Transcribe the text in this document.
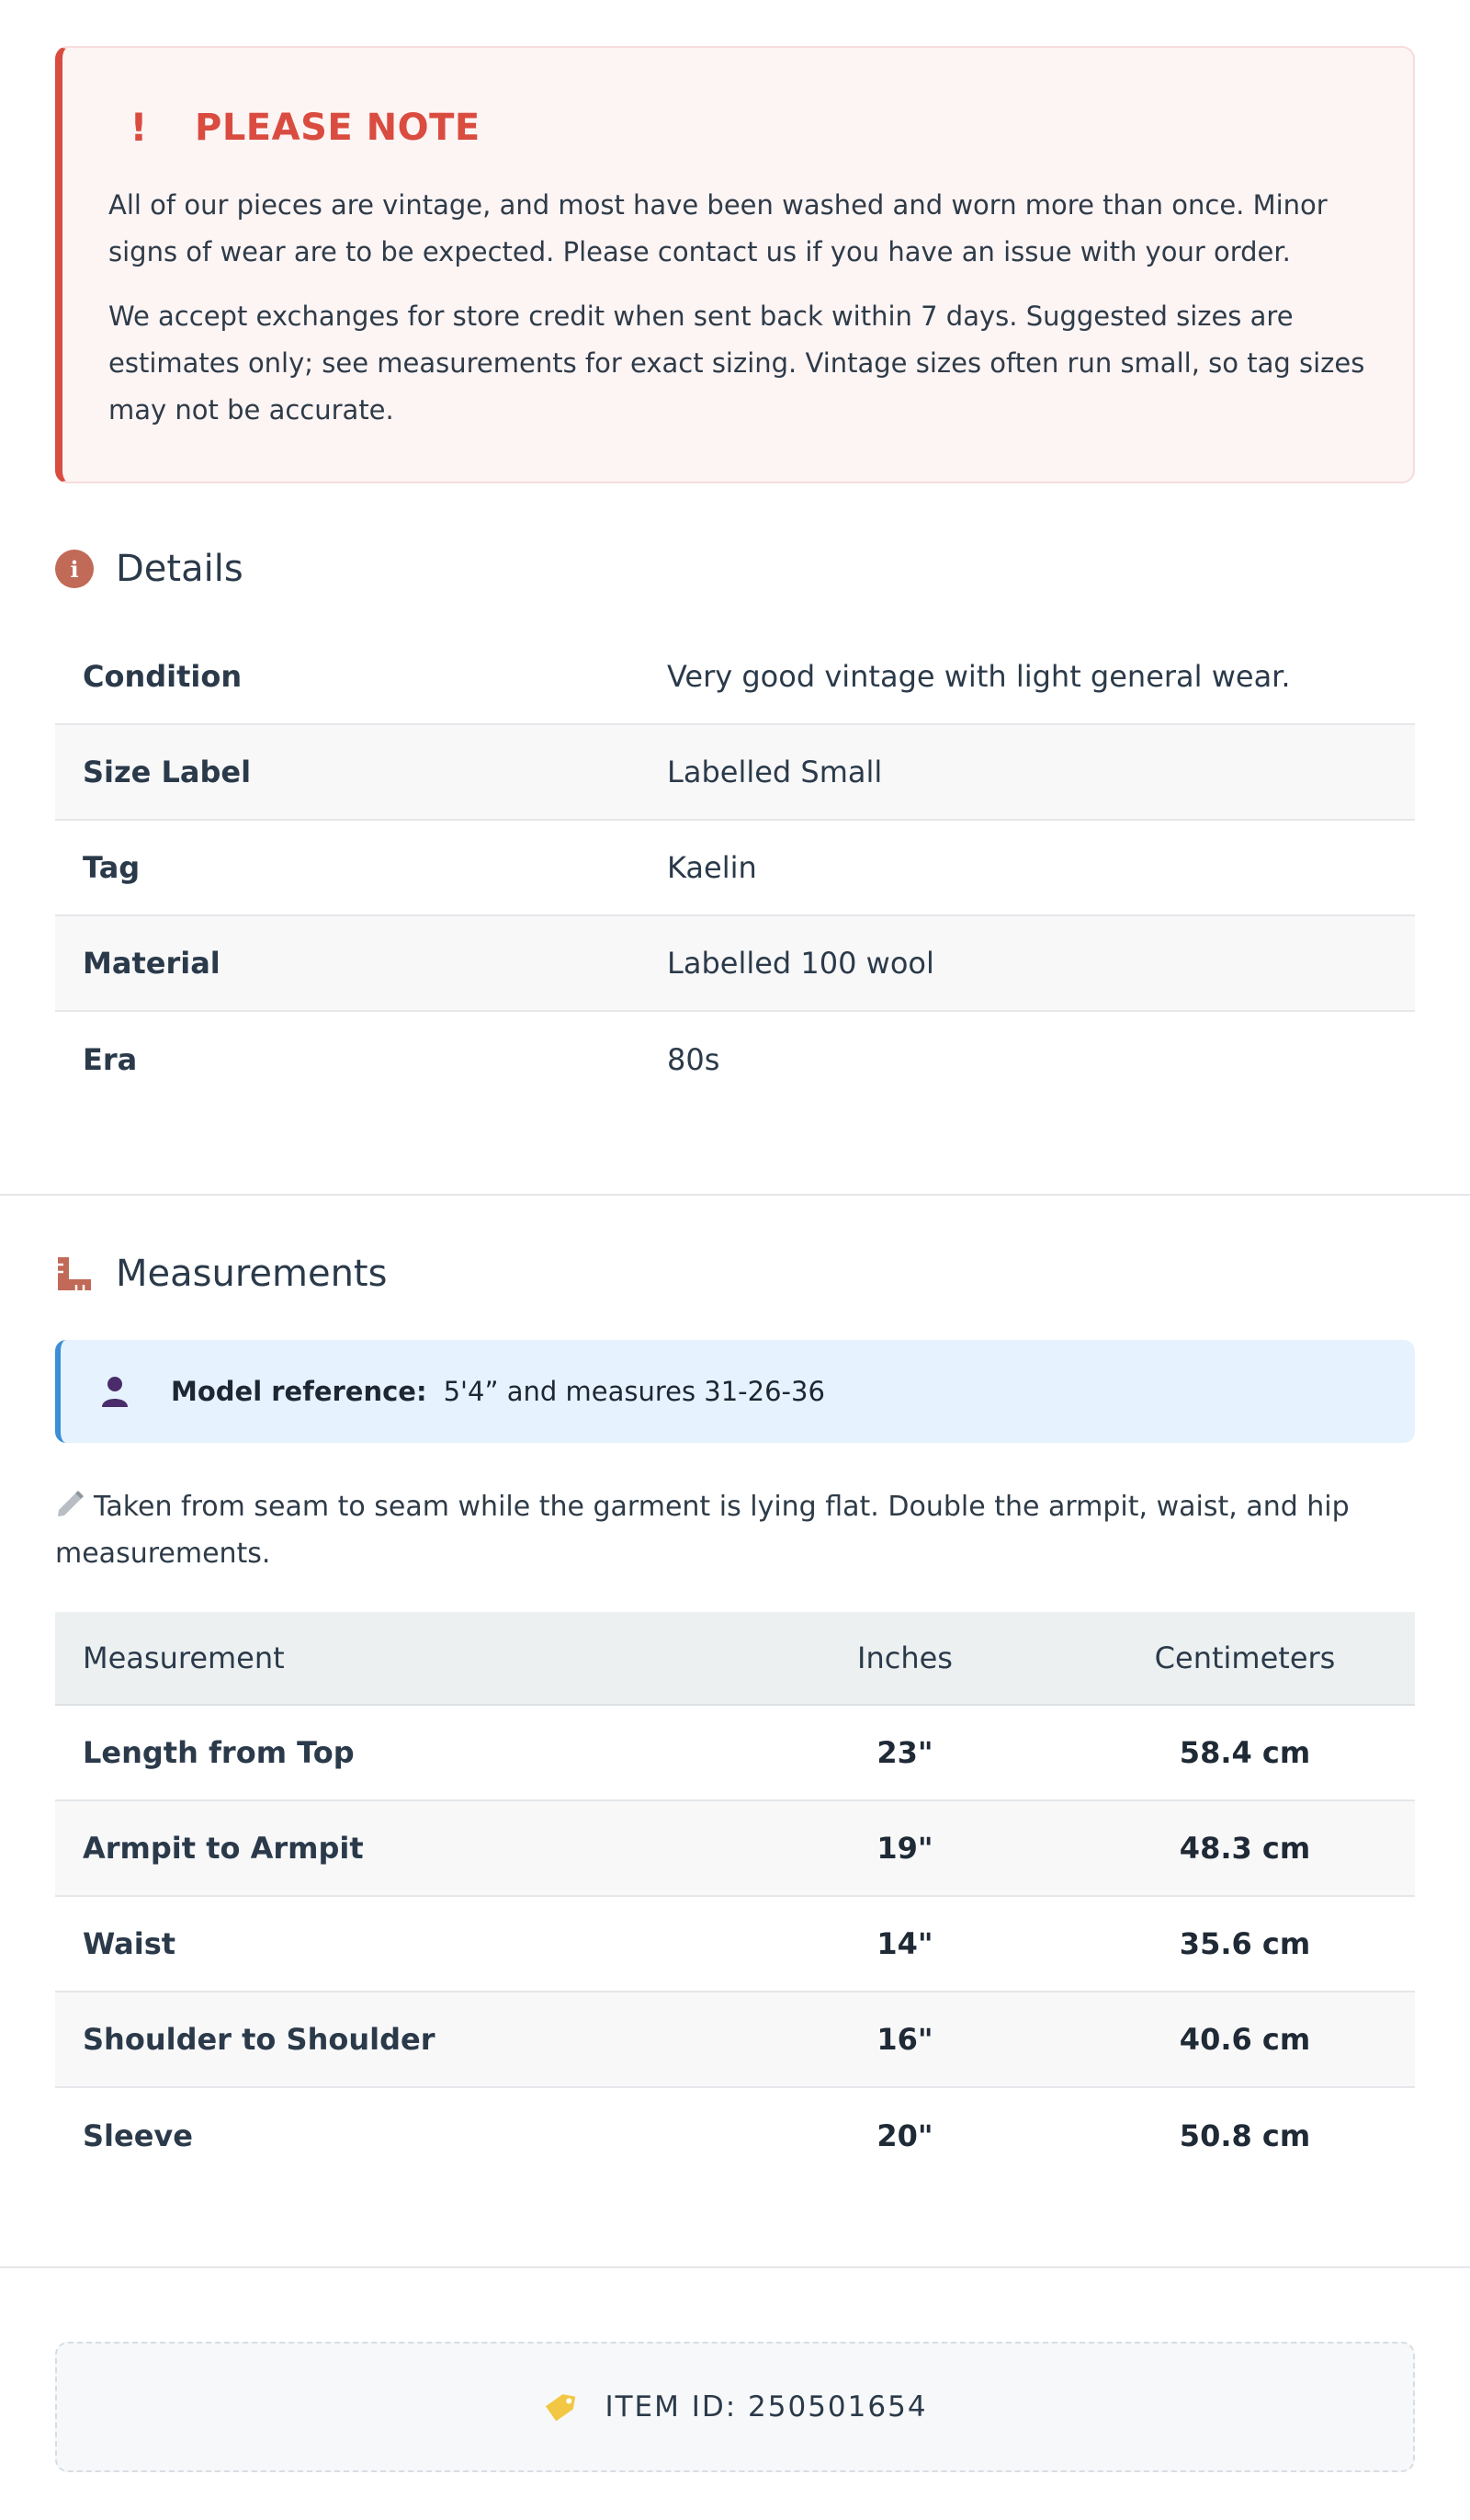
! PLEASE NOTE

All of our pieces are vintage, and most have been washed and worn more than once. Minor signs of wear are to be expected. Please contact us if you have an issue with your order.

We accept exchanges for store credit when sent back within 7 days. Suggested sizes are estimates only; see measurements for exact sizing. Vintage sizes often run small, so tag sizes may not be accurate.

i	Details
Condition	Very good vintage with light general wear.
Size Label	Labelled Small
Tag	Kaelin
Material	Labelled 100 wool
Era	80s
Measurements
Model reference: 5'4” and measures 31-26-36
Taken from seam to seam while the garment is lying flat. Double the armpit, waist, and hip measurements.
Measurement	Inches	Centimeters
Length from Top	23"	58.4 cm
Armpit to Armpit	19"	48.3 cm
Waist	14"	35.6 cm
Shoulder to Shoulder	16"	40.6 cm
Sleeve	20"	50.8 cm
ITEM ID: 250501654
